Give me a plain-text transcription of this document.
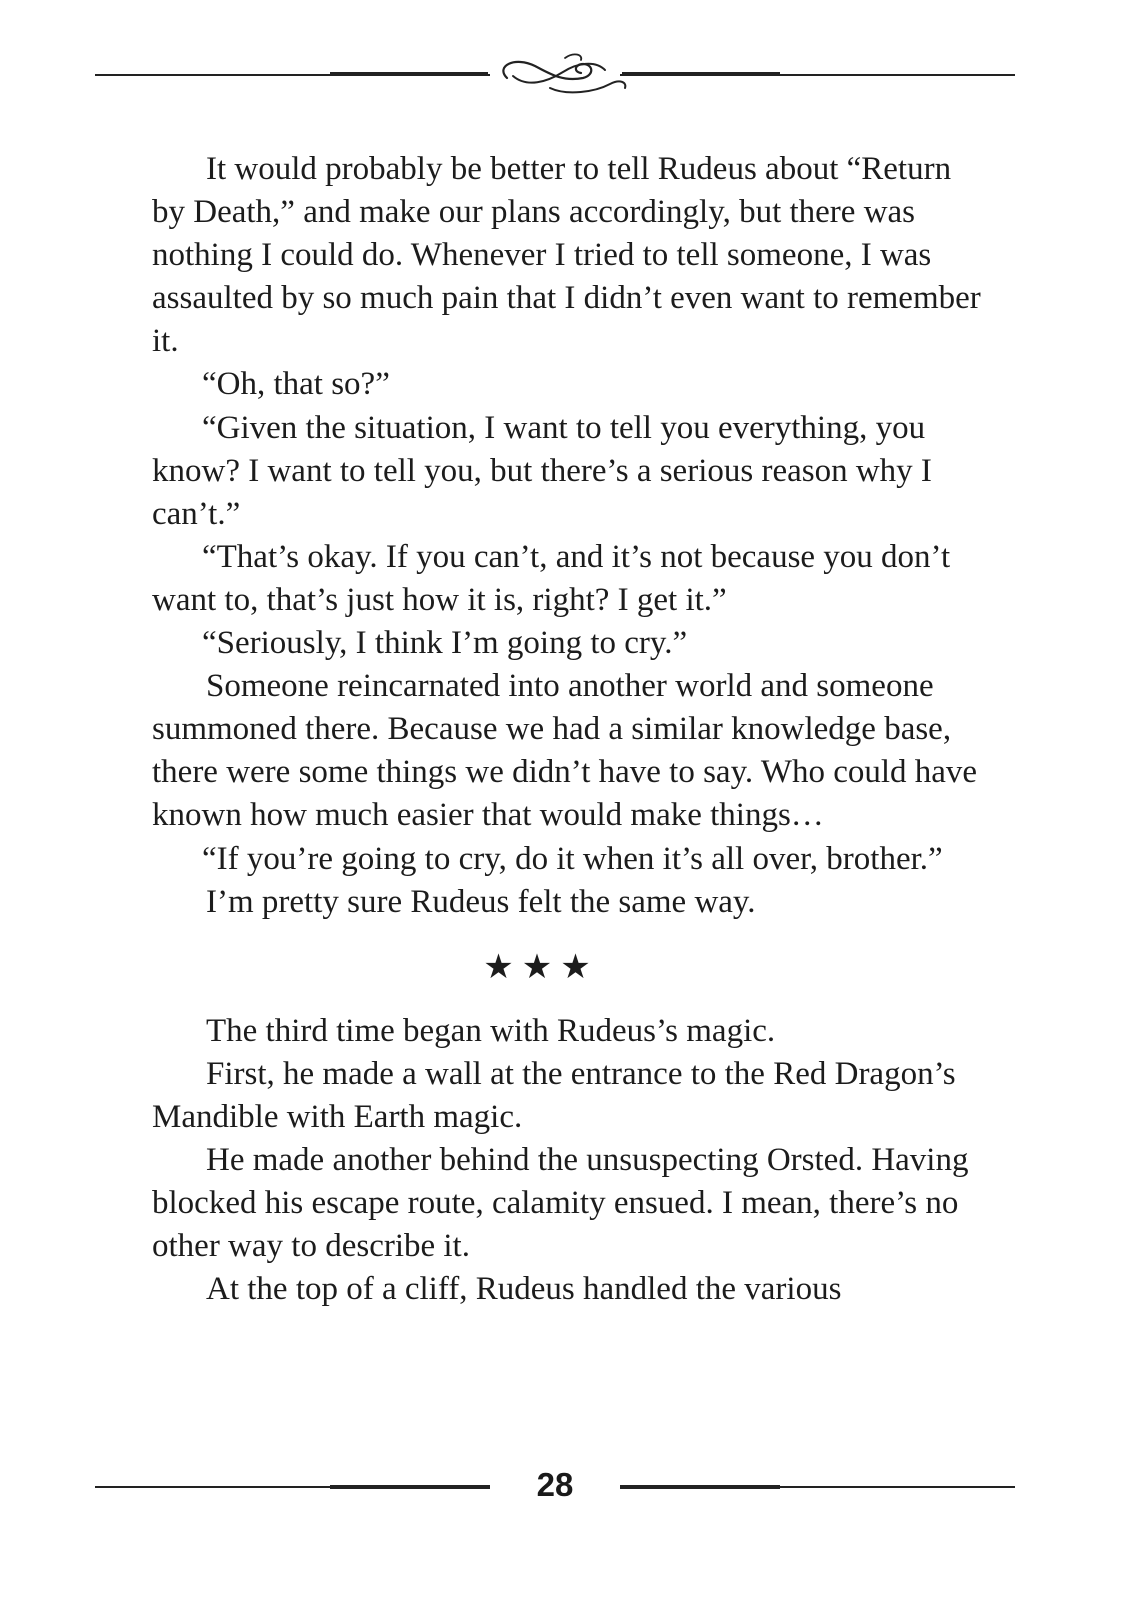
It would probably be better to tell Rudeus about “Return by Death,” and make our plans accordingly, but there was nothing I could do. Whenever I tried to tell someone, I was assaulted by so much pain that I didn’t even want to remember it.

“Oh, that so?”

“Given the situation, I want to tell you everything, you know? I want to tell you, but there’s a serious reason why I can’t.”

“That’s okay. If you can’t, and it’s not because you don’t want to, that’s just how it is, right? I get it.”

“Seriously, I think I’m going to cry.”

Someone reincarnated into another world and someone summoned there. Because we had a similar knowledge base, there were some things we didn’t have to say. Who could have known how much easier that would make things…

“If you’re going to cry, do it when it’s all over, brother.”

I’m pretty sure Rudeus felt the same way.

★★★

The third time began with Rudeus’s magic.

First, he made a wall at the entrance to the Red Dragon’s Mandible with Earth magic.

He made another behind the unsuspecting Orsted. Having blocked his escape route, calamity ensued. I mean, there’s no other way to describe it.

At the top of a cliff, Rudeus handled the various

28
